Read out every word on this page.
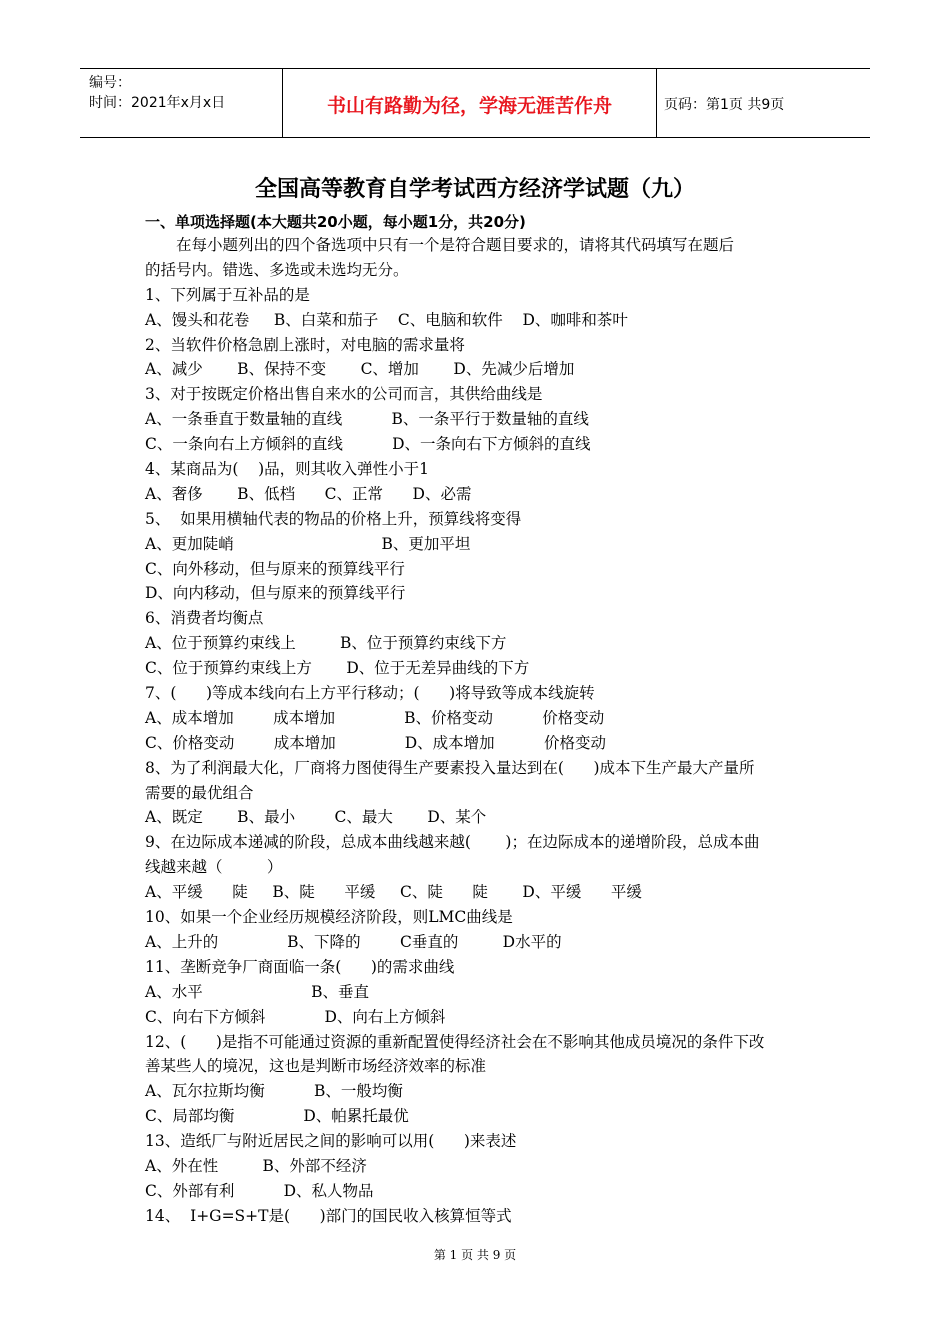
编号：
时间：2021年x月x日	书山有路勤为径，学海无涯苦作舟	页码：第1页 共9页
全国高等教育自学考试西方经济学试题（九）
一、单项选择题(本大题共20小题，每小题1分，共20分)
在每小题列出的四个备选项中只有一个是符合题目要求的，请将其代码填写在题后
的括号内。错选、多选或未选均无分。
1、下列属于互补品的是
A、馒头和花卷     B、白菜和茄子    C、电脑和软件    D、咖啡和茶叶
2、当软件价格急剧上涨时，对电脑的需求量将
A、减少       B、保持不变       C、增加       D、先减少后增加
3、对于按既定价格出售自来水的公司而言，其供给曲线是
A、一条垂直于数量轴的直线          B、一条平行于数量轴的直线
C、一条向右上方倾斜的直线          D、一条向右下方倾斜的直线
4、某商品为(    )品，则其收入弹性小于1
A、奢侈       B、低档      C、正常      D、必需
5、  如果用横轴代表的物品的价格上升，预算线将变得
A、更加陡峭                              B、更加平坦
C、向外移动，但与原来的预算线平行
D、向内移动，但与原来的预算线平行
6、消费者均衡点
A、位于预算约束线上         B、位于预算约束线下方
C、位于预算约束线上方       D、位于无差异曲线的下方
7、(      )等成本线向右上方平行移动；(      )将导致等成本线旋转
A、成本增加        成本增加              B、价格变动          价格变动
C、价格变动        成本增加              D、成本增加          价格变动
8、为了利润最大化，厂商将力图使得生产要素投入量达到在(      )成本下生产最大产量所
需要的最优组合
A、既定       B、最小        C、最大       D、某个
9、在边际成本递减的阶段，总成本曲线越来越(       )；在边际成本的递增阶段，总成本曲
线越来越（         ）
A、平缓      陡     B、陡      平缓     C、陡      陡       D、平缓      平缓
10、如果一个企业经历规模经济阶段，则LMC曲线是
A、上升的              B、下降的        C垂直的         D水平的
11、垄断竞争厂商面临一条(      )的需求曲线
A、水平                      B、垂直
C、向右下方倾斜            D、向右上方倾斜
12、(      )是指不可能通过资源的重新配置使得经济社会在不影响其他成员境况的条件下改
善某些人的境况，这也是判断市场经济效率的标准
A、瓦尔拉斯均衡          B、一般均衡
C、局部均衡              D、帕累托最优
13、造纸厂与附近居民之间的影响可以用(      )来表述
A、外在性         B、外部不经济
C、外部有利          D、私人物品
14、  I+G=S+T是(      )部门的国民收入核算恒等式
第 1 页 共 9 页
